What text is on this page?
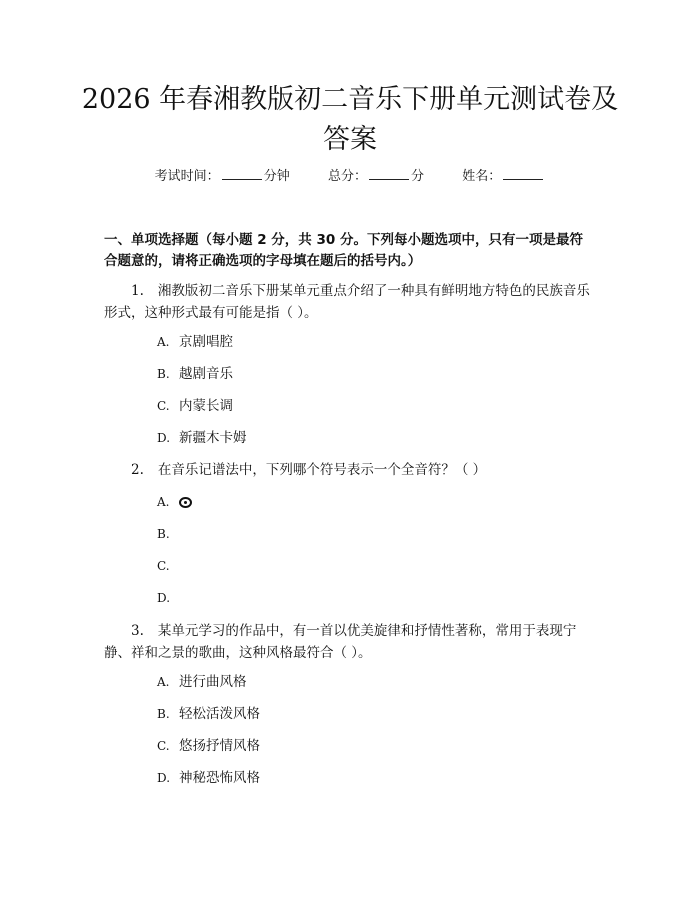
2026 年春湘教版初二音乐下册单元测试卷及答案
考试时间：	分钟	总分：	分	姓名：

一、单项选择题（每小题 2 分，共 30 分。下列每小题选项中，只有一项是最符合题意的，请将正确选项的字母填在题后的括号内。）

1. 湘教版初二音乐下册某单元重点介绍了一种具有鲜明地方特色的民族音乐形式，这种形式最有可能是指（ ）。

A. 京剧唱腔

B. 越剧音乐

C. 内蒙长调

D. 新疆木卡姆

2. 在音乐记谱法中，下列哪个符号表示一个全音符？（ ）

A.

B.

C.

D.

3. 某单元学习的作品中，有一首以优美旋律和抒情性著称，常用于表现宁静、祥和之景的歌曲，这种风格最符合（ ）。

A. 进行曲风格

B. 轻松活泼风格

C. 悠扬抒情风格

D. 神秘恐怖风格
